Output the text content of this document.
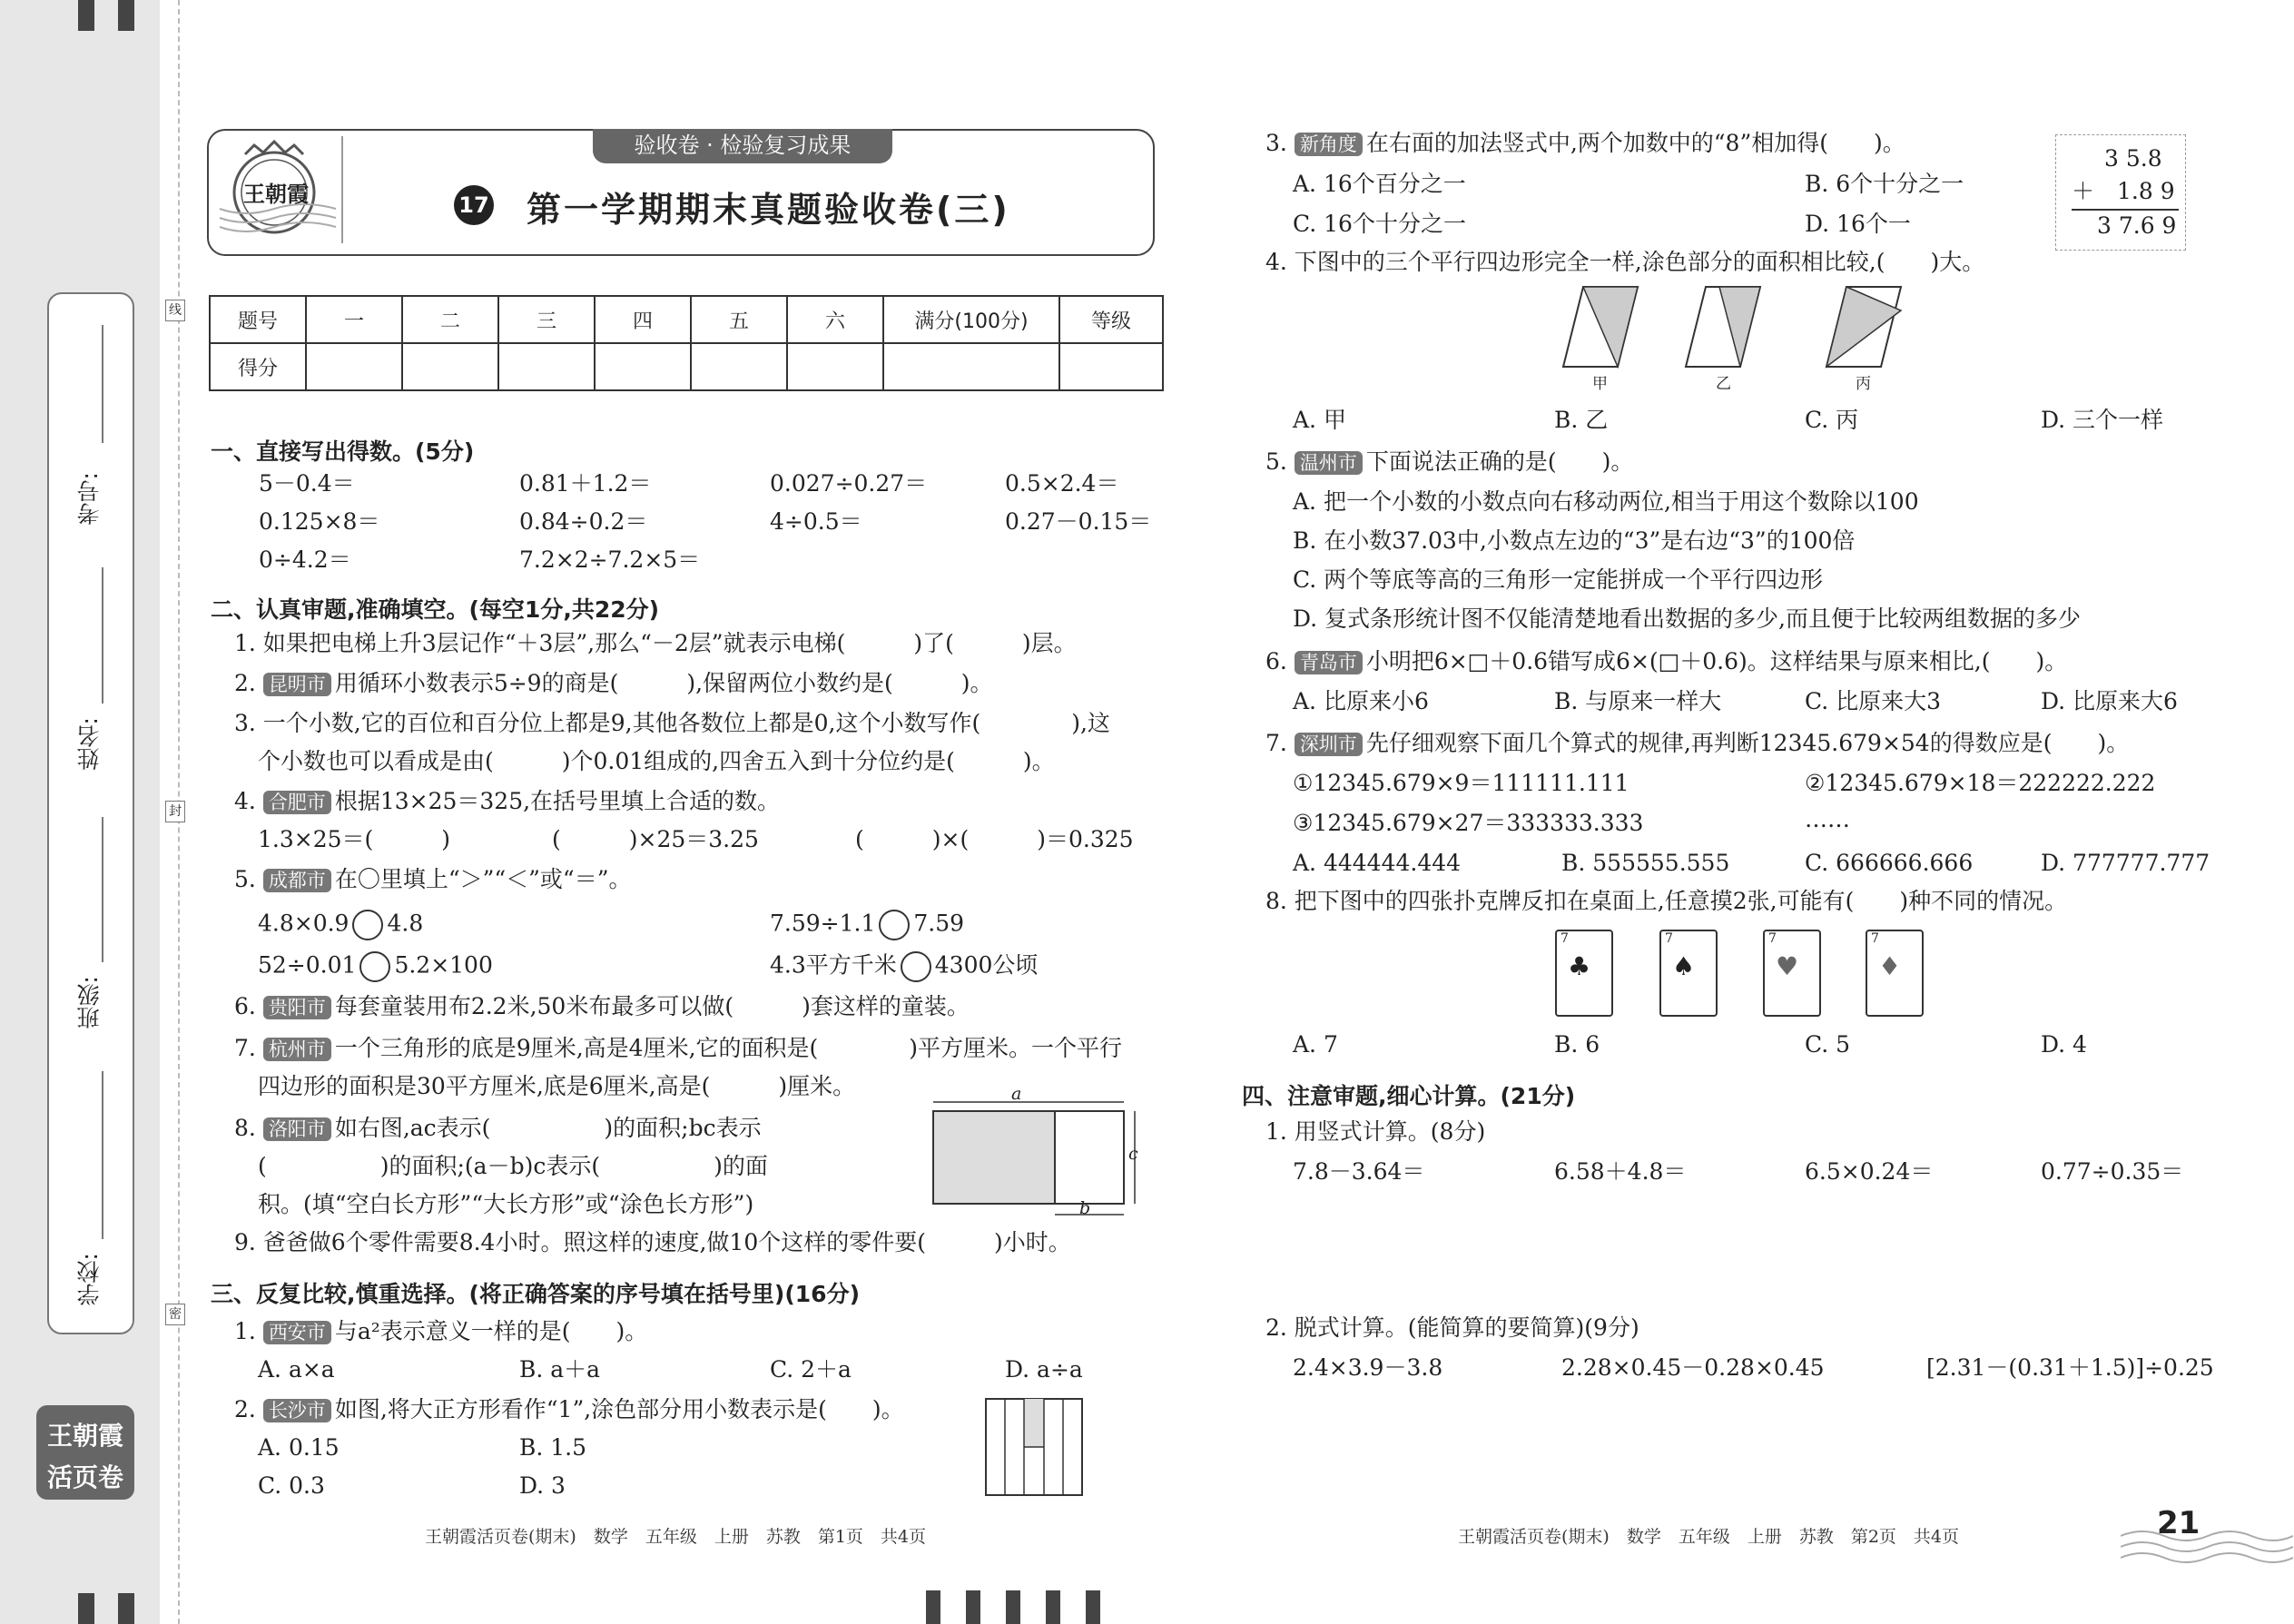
考号:
姓名:
班级:
学校:
线
封
密
王朝霞
活页卷
王朝霞
验收卷 · 检验复习成果
17 第一学期期末真题验收卷(三)
题号	一	二	三	四	五	六	满分(100分)	等级
得分								
一、直接写出得数。(5分)
5－0.4＝	0.81＋1.2＝	0.027÷0.27＝	0.5×2.4＝
0.125×8＝	0.84÷0.2＝	4÷0.5＝	0.27－0.15＝
0÷4.2＝	7.2×2÷7.2×5＝
二、认真审题,准确填空。(每空1分,共22分)
1. 如果把电梯上升3层记作“＋3层”,那么“－2层”就表示电梯(　　　)了(　　　)层。
2. 昆明市 用循环小数表示5÷9的商是(　　　),保留两位小数约是(　　　)。
3. 一个小数,它的百位和百分位上都是9,其他各数位上都是0,这个小数写作(　　　　),这
个小数也可以看成是由(　　　)个0.01组成的,四舍五入到十分位约是(　　　)。
4. 合肥市 根据13×25＝325,在括号里填上合适的数。
1.3×25＝(　　　)	(　　　)×25＝3.25	(　　　)×(　　　)＝0.325
5. 成都市 在〇里填上“＞”“＜”或“＝”。
4.8×0.9 4.8	7.59÷1.1 7.59
52÷0.01 5.2×100	4.3平方千米 4300公顷
6. 贵阳市 每套童装用布2.2米,50米布最多可以做(　　　)套这样的童装。
7. 杭州市 一个三角形的底是9厘米,高是4厘米,它的面积是(　　　　)平方厘米。一个平行
四边形的面积是30平方厘米,底是6厘米,高是(　　　)厘米。
8. 洛阳市 如右图,ac表示(　　　　　)的面积;bc表示
(　　　　　)的面积;(a－b)c表示(　　　　　)的面
积。(填“空白长方形”“大长方形”或“涂色长方形”)
a
c
b
9. 爸爸做6个零件需要8.4小时。照这样的速度,做10个这样的零件要(　　　)小时。
三、反复比较,慎重选择。(将正确答案的序号填在括号里)(16分)
1. 西安市 与a²表示意义一样的是(　　)。
A. a×a	B. a＋a	C. 2＋a	D. a÷a
2. 长沙市 如图,将大正方形看作“1”,涂色部分用小数表示是(　　)。
A. 0.15	B. 1.5
C. 0.3	D. 3
3. 新角度 在右面的加法竖式中,两个加数中的“8”相加得(　　)。
A. 16个百分之一	B. 6个十分之一
C. 16个十分之一	D. 16个一
3 5.8
＋　1.8 9
3 7.6 9
4. 下图中的三个平行四边形完全一样,涂色部分的面积相比较,(　　)大。
甲	乙	丙
A. 甲	B. 乙	C. 丙	D. 三个一样
5. 温州市 下面说法正确的是(　　)。
A. 把一个小数的小数点向右移动两位,相当于用这个数除以100
B. 在小数37.03中,小数点左边的“3”是右边“3”的100倍
C. 两个等底等高的三角形一定能拼成一个平行四边形
D. 复式条形统计图不仅能清楚地看出数据的多少,而且便于比较两组数据的多少
6. 青岛市 小明把6×□＋0.6错写成6×(□＋0.6)。这样结果与原来相比,(　　)。
A. 比原来小6	B. 与原来一样大	C. 比原来大3	D. 比原来大6
7. 深圳市 先仔细观察下面几个算式的规律,再判断12345.679×54的得数应是(　　)。
①12345.679×9＝111111.111	②12345.679×18＝222222.222
③12345.679×27＝333333.333	……
A. 444444.444	B. 555555.555	C. 666666.666	D. 777777.777
8. 把下图中的四张扑克牌反扣在桌面上,任意摸2张,可能有(　　)种不同的情况。
7
♣
7
♠
7
♥
7
♦
A. 7	B. 6	C. 5	D. 4
四、注意审题,细心计算。(21分)
1. 用竖式计算。(8分)
7.8－3.64＝	6.58＋4.8＝	6.5×0.24＝	0.77÷0.35＝
2. 脱式计算。(能简算的要简算)(9分)
2.4×3.9－3.8	2.28×0.45－0.28×0.45	[2.31－(0.31＋1.5)]÷0.25
王朝霞活页卷(期末)　数学　五年级　上册　苏教　第1页　共4页	王朝霞活页卷(期末)　数学　五年级　上册　苏教　第2页　共4页	21
